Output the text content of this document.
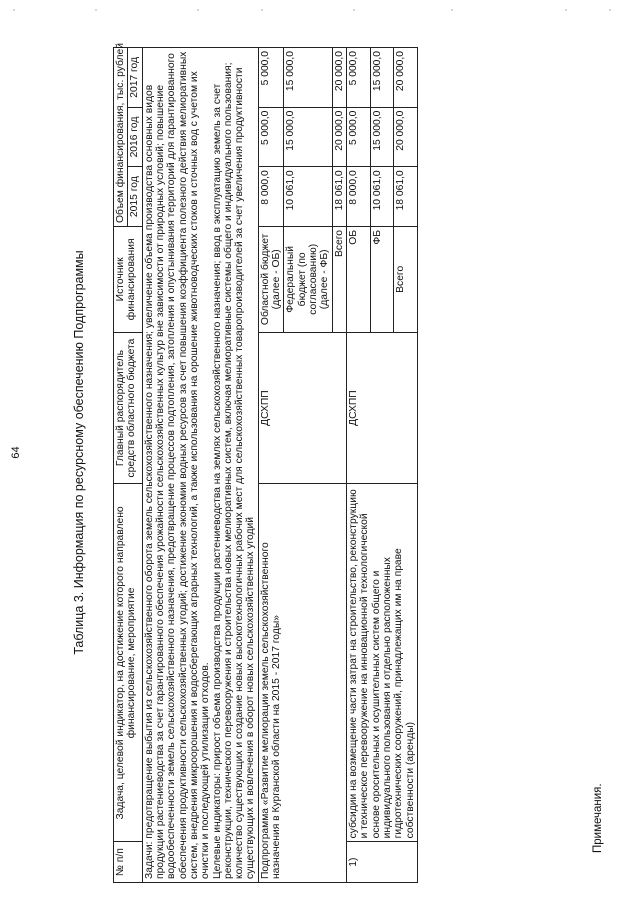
64	Таблица 3. Информация по ресурсному обеспечению Подпрограммы
№ п/п	Задача, целевой индикатор, на достижение которого направлено финансирование, мероприятие	Главный распорядитель средств областного бюджета	Источник финансирования	Объем финансирования, тыс. рублей		
				2015 год	2016 год	2017 год

Задачи: предотвращение выбытия из сельскохозяйственного оборота земель сельскохозяйственного назначения; увеличение объема производства основных видов продукции растениеводства за счет гарантированного обеспечения урожайности сельскохозяйственных культур вне зависимости от природных условий; повышение водообеспеченности земель сельскохозяйственного назначения, предотвращение процессов подтопления, затопления и опустынивания территорий для гарантированного обеспечения продуктивности сельскохозяйственных угодий; достижение экономии водных ресурсов за счет повышения коэффициента полезного действия мелиоративных систем, внедрения микроорошения и водосберегающих аграрных технологий, а также использования на орошение животноводческих стоков и сточных вод с учетом их очистки и последующей утилизации отходов. Целевые индикаторы: прирост объема производства продукции растениеводства на землях сельскохозяйственного назначения; ввод в эксплуатацию земель за счет реконструкции, технического перевооружения и строительства новых мелиоративных систем, включая мелиоративные системы общего и индивидуального пользования; количество существующих и создание новых высокотехнологичных рабочих мест для сельскохозяйственных товаропроизводителей за счет увеличения продуктивности существующих и вовлечения в оборот новых сельскохозяйственных угодий						

Подпрограмма «Развитие мелиорации земель сельскохозяйственного назначения в Курганской области на 2015 - 2017 годы»		ДСХПП	Областной бюджет (далее - ОБ)	8 000,0	5 000,0	5 000,0
			Федеральный бюджет (по согласованию) (далее - ФБ)	10 061,0	15 000,0	15 000,0
			Всего	18 061,0	20 000,0	20 000,0
1)	субсидии на возмещение части затрат на строительство, реконструкцию и техническое перевооружение на инновационной технологической основе оросительных и осушительных систем общего и индивидуального пользования и отдельно расположенных гидротехнических сооружений, принадлежащих им на праве собственности (аренды)	ДСХПП	ОБ	8 000,0	5 000,0	5 000,0
			ФБ	10 061,0	15 000,0	15 000,0
			Всего	18 061,0	20 000,0	20 000,0
Примечания.
